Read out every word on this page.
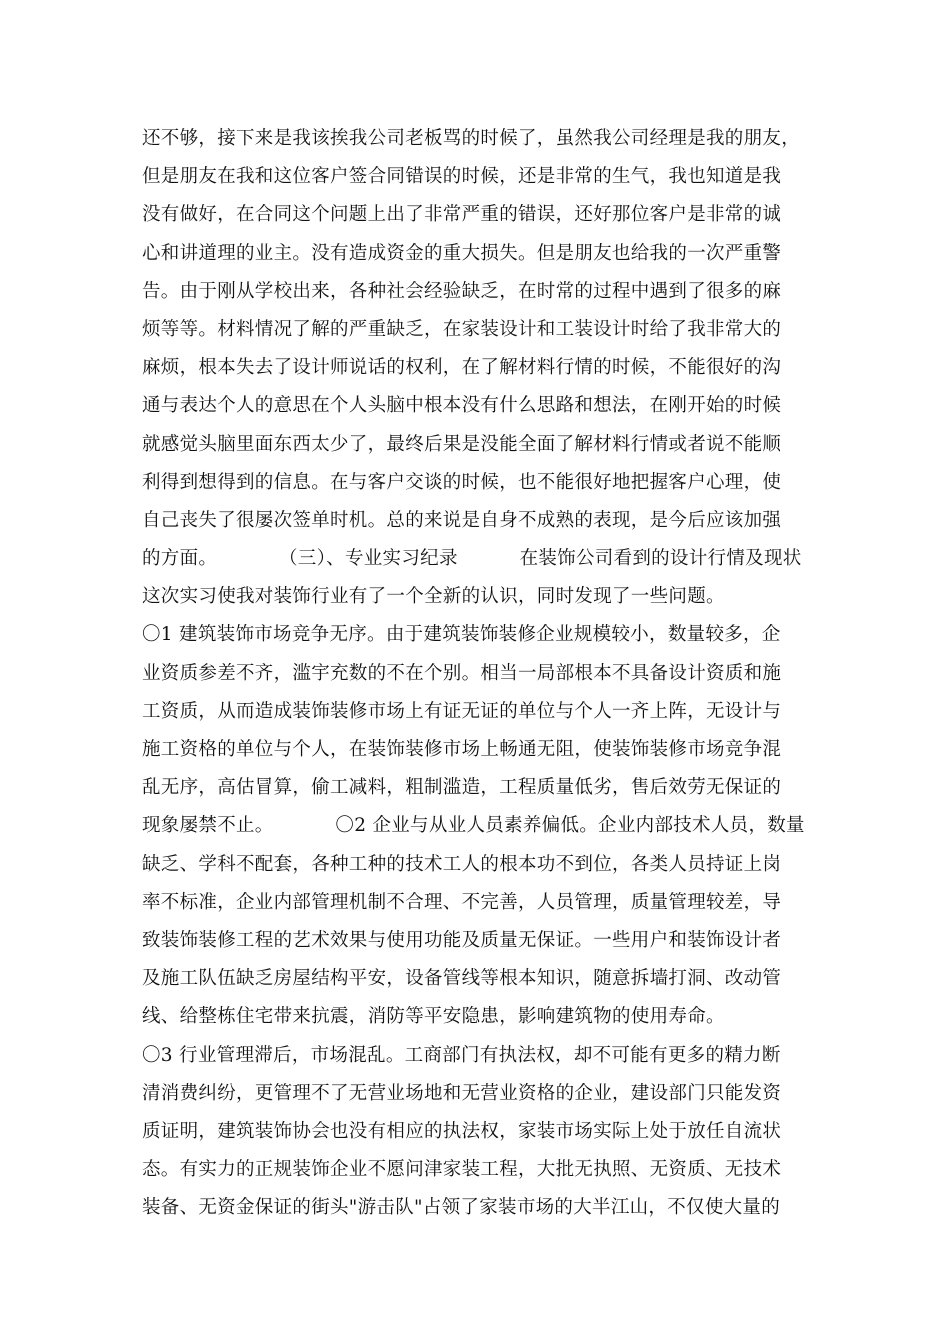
还不够，接下来是我该挨我公司老板骂的时候了，虽然我公司经理是我的朋友，
但是朋友在我和这位客户签合同错误的时候，还是非常的生气，我也知道是我
没有做好，在合同这个问题上出了非常严重的错误，还好那位客户是非常的诚
心和讲道理的业主。没有造成资金的重大损失。但是朋友也给我的一次严重警
告。由于刚从学校出来，各种社会经验缺乏，在时常的过程中遇到了很多的麻
烦等等。材料情况了解的严重缺乏，在家装设计和工装设计时给了我非常大的
麻烦，根本失去了设计师说话的权利，在了解材料行情的时候，不能很好的沟
通与表达个人的意思在个人头脑中根本没有什么思路和想法，在刚开始的时候
就感觉头脑里面东西太少了，最终后果是没能全面了解材料行情或者说不能顺
利得到想得到的信息。在与客户交谈的时候，也不能很好地把握客户心理，使
自己丧失了很屡次签单时机。总的来说是自身不成熟的表现，是今后应该加强
的方面。          （三）、专业实习纪录          在装饰公司看到的设计行情及现状
这次实习使我对装饰行业有了一个全新的认识，同时发现了一些问题。
〇1 建筑装饰市场竞争无序。由于建筑装饰装修企业规模较小，数量较多，企
业资质参差不齐，滥宇充数的不在个别。相当一局部根本不具备设计资质和施
工资质，从而造成装饰装修市场上有证无证的单位与个人一齐上阵，无设计与
施工资格的单位与个人，在装饰装修市场上畅通无阻，使装饰装修市场竞争混
乱无序，高估冒算，偷工减料，粗制滥造，工程质量低劣，售后效劳无保证的
现象屡禁不止。          〇2 企业与从业人员素养偏低。企业内部技术人员，数量
缺乏、学科不配套，各种工种的技术工人的根本功不到位，各类人员持证上岗
率不标准，企业内部管理机制不合理、不完善，人员管理，质量管理较差，导
致装饰装修工程的艺术效果与使用功能及质量无保证。一些用户和装饰设计者
及施工队伍缺乏房屋结构平安，设备管线等根本知识，随意拆墙打洞、改动管
线、给整栋住宅带来抗震，消防等平安隐患，影响建筑物的使用寿命。
〇3 行业管理滞后，市场混乱。工商部门有执法权，却不可能有更多的精力断
清消费纠纷，更管理不了无营业场地和无营业资格的企业，建设部门只能发资
质证明，建筑装饰协会也没有相应的执法权，家装市场实际上处于放任自流状
态。有实力的正规装饰企业不愿问津家装工程，大批无执照、无资质、无技术
装备、无资金保证的街头"游击队"占领了家装市场的大半江山，不仅使大量的
